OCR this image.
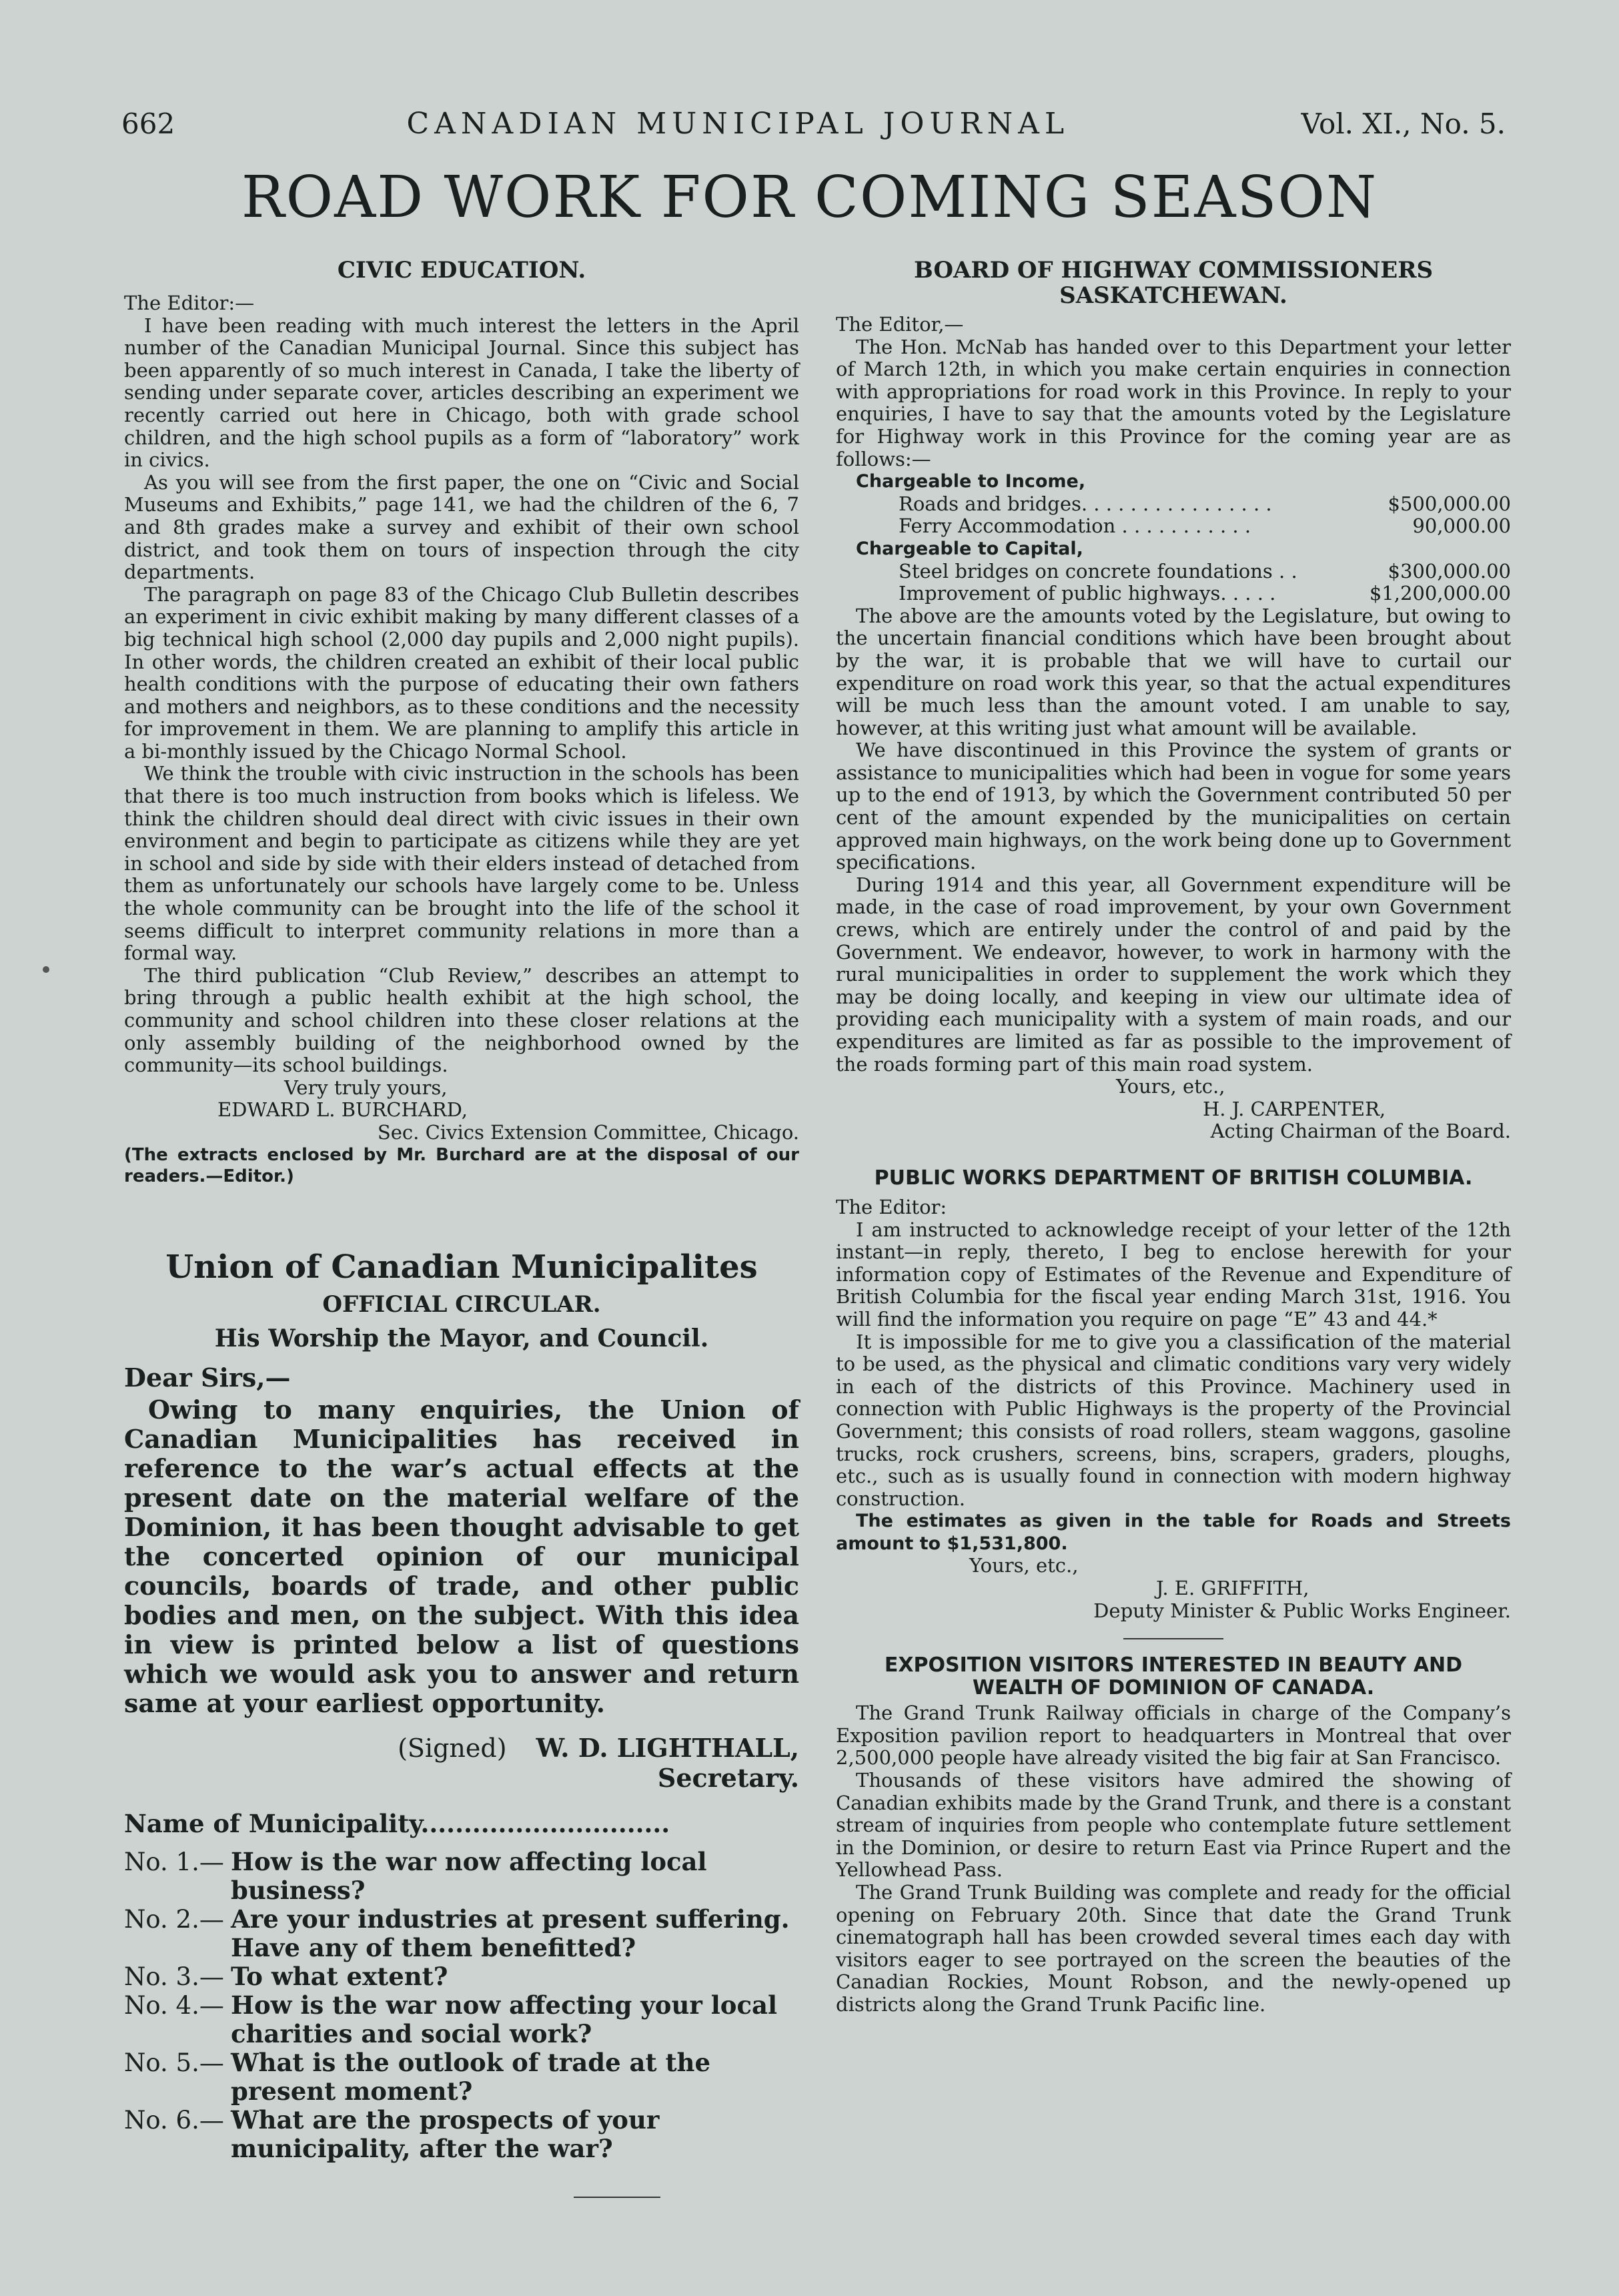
662	CANADIAN MUNICIPAL JOURNAL	Vol. XI., No. 5.
ROAD WORK FOR COMING SEASON
CIVIC EDUCATION.

The Editor:—

I have been reading with much interest the letters in the April number of the Canadian Municipal Journal. Since this subject has been apparently of so much interest in Canada, I take the liberty of sending under separate cover, articles describing an experiment we recently carried out here in Chicago, both with grade school children, and the high school pupils as a form of “laboratory” work in civics.

As you will see from the first paper, the one on “Civic and Social Museums and Exhibits,” page 141, we had the children of the 6, 7 and 8th grades make a survey and exhibit of their own school district, and took them on tours of inspection through the city departments.

The paragraph on page 83 of the Chicago Club Bulletin describes an experiment in civic exhibit making by many different classes of a big technical high school (2,000 day pupils and 2,000 night pupils). In other words, the children created an exhibit of their local public health conditions with the purpose of educating their own fathers and mothers and neighbors, as to these conditions and the necessity for improvement in them. We are planning to amplify this article in a bi-monthly issued by the Chicago Normal School.

We think the trouble with civic instruction in the schools has been that there is too much instruction from books which is lifeless. We think the children should deal direct with civic issues in their own environment and begin to participate as citizens while they are yet in school and side by side with their elders instead of detached from them as unfortunately our schools have largely come to be. Unless the whole community can be brought into the life of the school it seems difficult to interpret community relations in more than a formal way.

The third publication “Club Review,” describes an attempt to bring through a public health exhibit at the high school, the community and school children into these closer relations at the only assembly building of the neighborhood owned by the community—its school buildings.

Very truly yours,

EDWARD L. BURCHARD,

Sec. Civics Extension Committee, Chicago.

(The extracts enclosed by Mr. Burchard are at the disposal of our readers.—Editor.)

Union of Canadian Municipalites
OFFICIAL CIRCULAR.
His Worship the Mayor, and Council.
Dear Sirs,—
Owing to many enquiries, the Union of Canadian Municipalities has received in reference to the war’s actual effects at the present date on the material welfare of the Dominion, it has been thought advisable to get the concerted opinion of our municipal councils, boards of trade, and other public bodies and men, on the subject. With this idea in view is printed below a list of questions which we would ask you to answer and return same at your earliest opportunity.
(Signed) W. D. LIGHTHALL,
Secretary.
Name of Municipality.............................
No. 1.— How is the war now affecting local business?
No. 2.— Are your industries at present suffering. Have any of them benefitted?
No. 3.— To what extent?
No. 4.— How is the war now affecting your local charities and social work?
No. 5.— What is the outlook of trade at the present moment?
No. 6.— What are the prospects of your municipality, after the war?
BOARD OF HIGHWAY COMMISSIONERS SASKATCHEWAN.

The Editor,—

The Hon. McNab has handed over to this Department your letter of March 12th, in which you make certain enquiries in connection with appropriations for road work in this Province. In reply to your enquiries, I have to say that the amounts voted by the Legislature for Highway work in this Province for the coming year are as follows:—

Chargeable to Income,

Roads and bridges. . . . . . . . . . . . . . . .	$500,000.00
Ferry Accommodation . . . . . . . . . . .	90,000.00

Chargeable to Capital,

Steel bridges on concrete foundations . .	$300,000.00
Improvement of public highways. . . . .	$1,200,000.00

The above are the amounts voted by the Legislature, but owing to the uncertain financial conditions which have been brought about by the war, it is probable that we will have to curtail our expenditure on road work this year, so that the actual expenditures will be much less than the amount voted. I am unable to say, however, at this writing just what amount will be available.

We have discontinued in this Province the system of grants or assistance to municipalities which had been in vogue for some years up to the end of 1913, by which the Government contributed 50 per cent of the amount expended by the municipalities on certain approved main highways, on the work being done up to Government specifications.

During 1914 and this year, all Government expenditure will be made, in the case of road improvement, by your own Government crews, which are entirely under the control of and paid by the Government. We endeavor, however, to work in harmony with the rural municipalities in order to supplement the work which they may be doing locally, and keeping in view our ultimate idea of providing each municipality with a system of main roads, and our expenditures are limited as far as possible to the improvement of the roads forming part of this main road system.

Yours, etc.,

H. J. CARPENTER,

Acting Chairman of the Board.

PUBLIC WORKS DEPARTMENT OF BRITISH COLUMBIA.

The Editor:

I am instructed to acknowledge receipt of your letter of the 12th instant—in reply, thereto, I beg to enclose herewith for your information copy of Estimates of the Revenue and Expenditure of British Columbia for the fiscal year ending March 31st, 1916. You will find the information you require on page “E” 43 and 44.*

It is impossible for me to give you a classification of the material to be used, as the physical and climatic conditions vary very widely in each of the districts of this Province. Machinery used in connection with Public Highways is the property of the Provincial Government; this consists of road rollers, steam waggons, gasoline trucks, rock crushers, screens, bins, scrapers, graders, ploughs, etc., such as is usually found in connection with modern highway construction.

The estimates as given in the table for Roads and Streets amount to $1,531,800.

Yours, etc.,

J. E. GRIFFITH,

Deputy Minister & Public Works Engineer.

EXPOSITION VISITORS INTERESTED IN BEAUTY AND WEALTH OF DOMINION OF CANADA.

The Grand Trunk Railway officials in charge of the Company’s Exposition pavilion report to headquarters in Montreal that over 2,500,000 people have already visited the big fair at San Francisco.

Thousands of these visitors have admired the showing of Canadian exhibits made by the Grand Trunk, and there is a constant stream of inquiries from people who contemplate future settlement in the Dominion, or desire to return East via Prince Rupert and the Yellowhead Pass.

The Grand Trunk Building was complete and ready for the official opening on February 20th. Since that date the Grand Trunk cinematograph hall has been crowded several times each day with visitors eager to see portrayed on the screen the beauties of the Canadian Rockies, Mount Robson, and the newly-opened up districts along the Grand Trunk Pacific line.
